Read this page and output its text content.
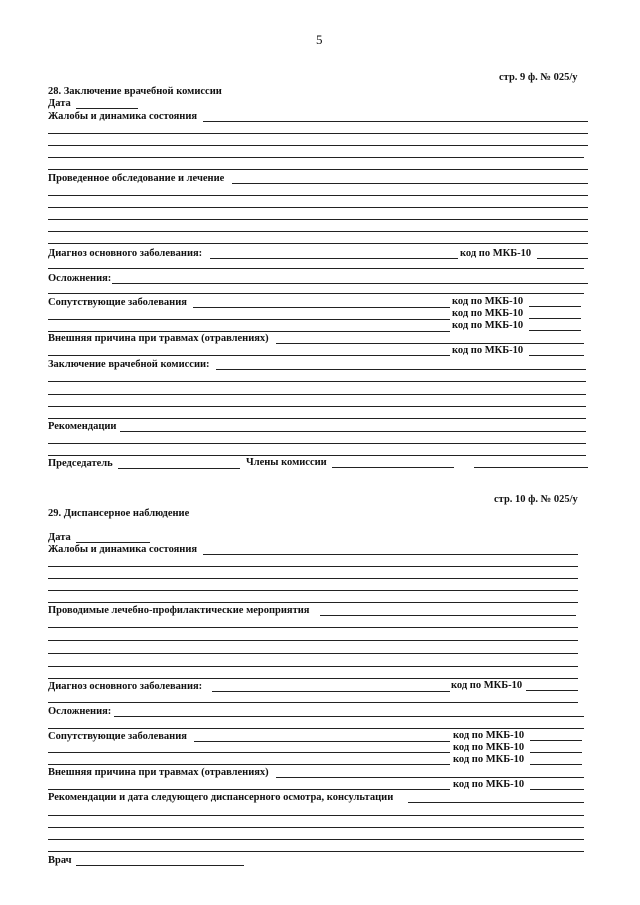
5
стр. 9 ф. № 025/у
28. Заключение врачебной комиссии
Дата
Жалобы и динамика состояния
Проведенное обследование и лечение
Диагноз основного заболевания:	код по МКБ-10
Осложнения:
Сопутствующие заболевания	код по МКБ-10
код по МКБ-10
код по МКБ-10
Внешняя причина при травмах (отравлениях)
код по МКБ-10
Заключение врачебной комиссии:
Рекомендации
Председатель	Члены комиссии
стр. 10 ф. № 025/у
29. Диспансерное наблюдение
Дата
Жалобы и динамика состояния
Проводимые лечебно-профилактические мероприятия
Диагноз основного заболевания:	код по МКБ-10
Осложнения:
Сопутствующие заболевания	код по МКБ-10
код по МКБ-10
код по МКБ-10
Внешняя причина при травмах (отравлениях)
код по МКБ-10
Рекомендации и дата следующего диспансерного осмотра, консультации
Врач
